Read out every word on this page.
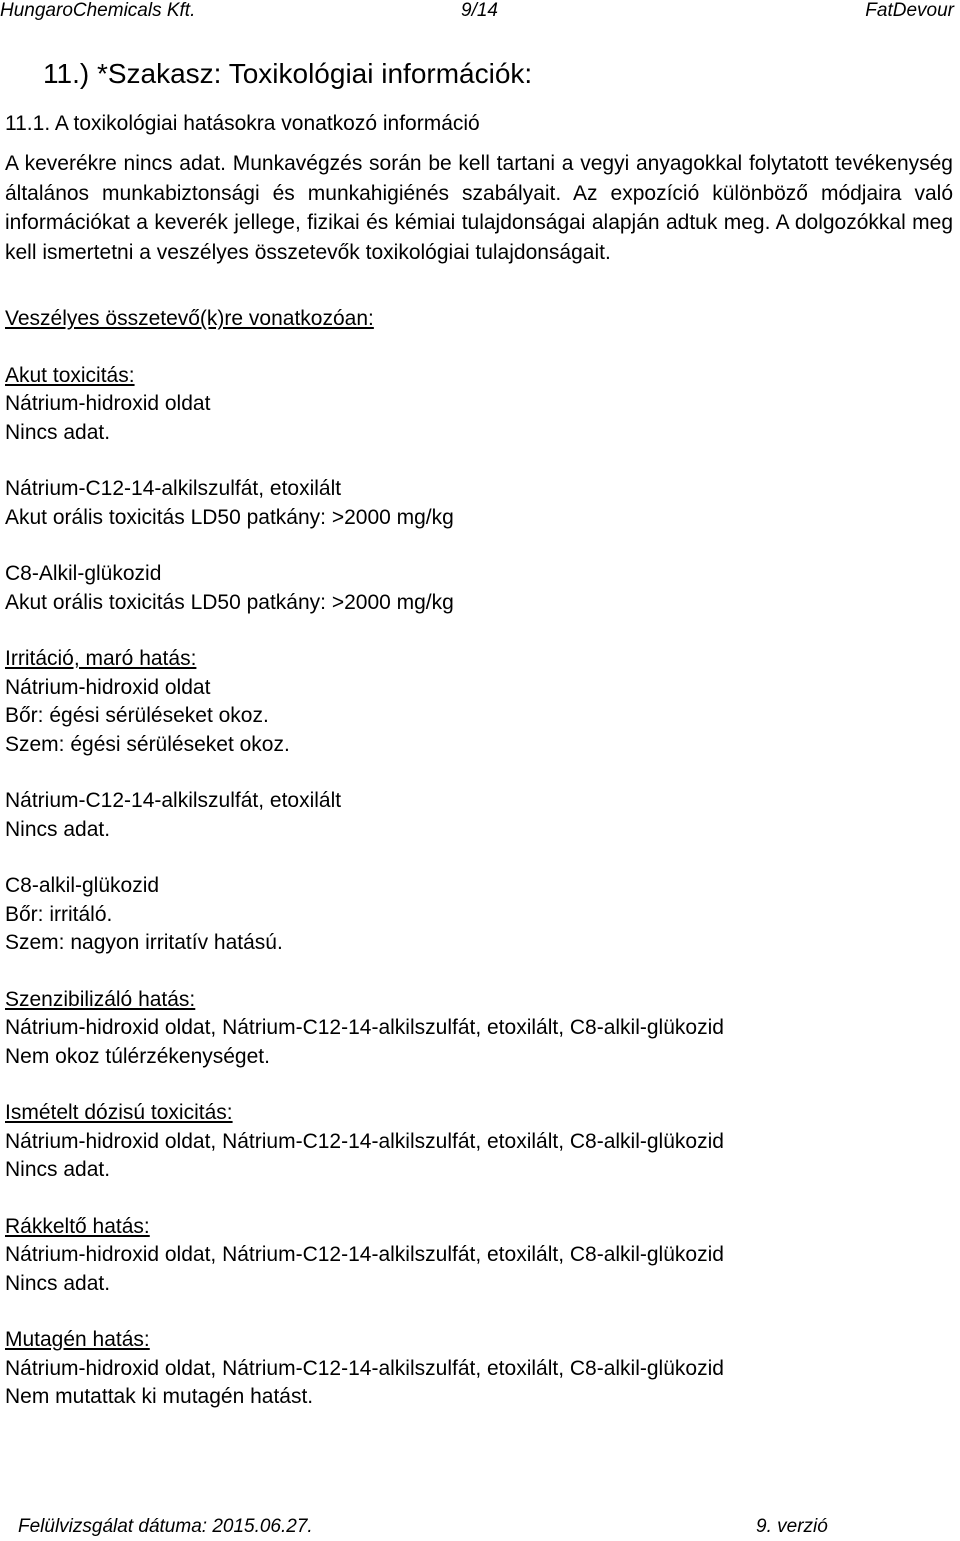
HungaroChemicals Kft.	9/14	FatDevour
11.) *Szakasz: Toxikológiai információk:
11.1. A toxikológiai hatásokra vonatkozó információ
A keverékre nincs adat. Munkavégzés során be kell tartani a vegyi anyagokkal folytatott tevékenység általános munkabiztonsági és munkahigiénés szabályait. Az expozíció különböző módjaira való információkat a keverék jellege, fizikai és kémiai tulajdonságai alapján adtuk meg. A dolgozókkal meg kell ismertetni a veszélyes összetevők toxikológiai tulajdonságait.

Veszélyes összetevő(k)re vonatkozóan:

Akut toxicitás:

Nátrium-hidroxid oldat

Nincs adat.

Nátrium-C12-14-alkilszulfát, etoxilált

Akut orális toxicitás LD50 patkány: >2000 mg/kg

C8-Alkil-glükozid

Akut orális toxicitás LD50 patkány: >2000 mg/kg

Irritáció, maró hatás:

Nátrium-hidroxid oldat

Bőr: égési sérüléseket okoz.

Szem: égési sérüléseket okoz.

Nátrium-C12-14-alkilszulfát, etoxilált

Nincs adat.

C8-alkil-glükozid

Bőr: irritáló.

Szem: nagyon irritatív hatású.

Szenzibilizáló hatás:

Nátrium-hidroxid oldat, Nátrium-C12-14-alkilszulfát, etoxilált, C8-alkil-glükozid

Nem okoz túlérzékenységet.

Ismételt dózisú toxicitás:

Nátrium-hidroxid oldat, Nátrium-C12-14-alkilszulfát, etoxilált, C8-alkil-glükozid

Nincs adat.

Rákkeltő hatás:

Nátrium-hidroxid oldat, Nátrium-C12-14-alkilszulfát, etoxilált, C8-alkil-glükozid

Nincs adat.

Mutagén hatás:

Nátrium-hidroxid oldat, Nátrium-C12-14-alkilszulfát, etoxilált, C8-alkil-glükozid

Nem mutattak ki mutagén hatást.

Felülvizsgálat dátuma: 2015.06.27.	9. verzió
